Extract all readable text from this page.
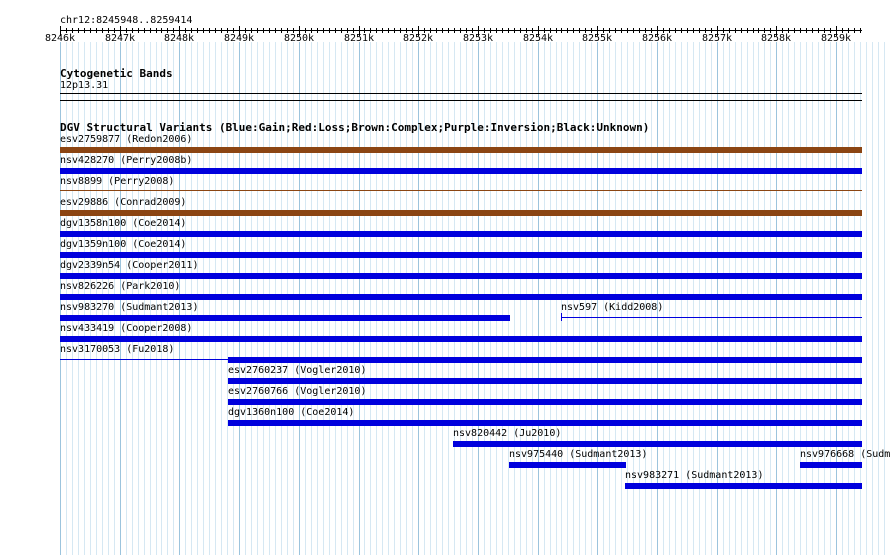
chr12:8245948..8259414
8246k	8247k	8248k	8249k	8250k	8251k	8252k	8253k	8254k	8255k	8256k	8257k	8258k	8259k
Cytogenetic Bands
12p13.31
DGV Structural Variants (Blue:Gain;Red:Loss;Brown:Complex;Purple:Inversion;Black:Unknown)
esv2759877 (Redon2006)
nsv428270 (Perry2008b)
nsv8899 (Perry2008)
esv29886 (Conrad2009)
dgv1358n100 (Coe2014)
dgv1359n100 (Coe2014)
dgv2339n54 (Cooper2011)
nsv826226 (Park2010)
nsv983270 (Sudmant2013)	nsv597 (Kidd2008)
nsv433419 (Cooper2008)
nsv3170053 (Fu2018)
esv2760237 (Vogler2010)
esv2760766 (Vogler2010)
dgv1360n100 (Coe2014)
nsv820442 (Ju2010)
nsv975440 (Sudmant2013)	nsv976668 (Sudm
nsv983271 (Sudmant2013)
